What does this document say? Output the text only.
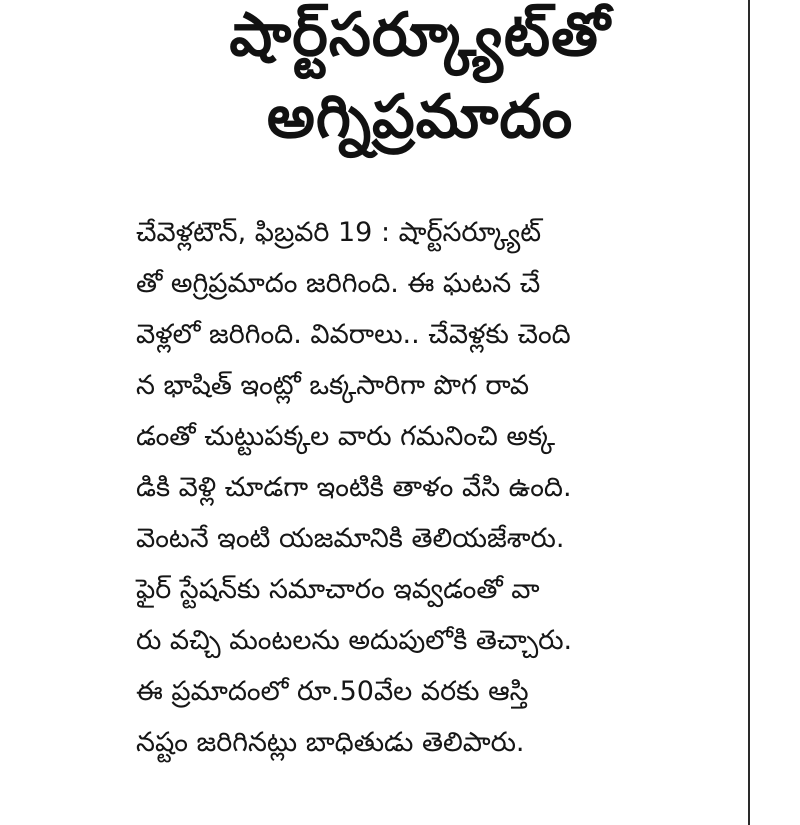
షార్ట్‌సర్క్యూట్‌తో
అగ్నిప్రమాదం
చేవెళ్లటౌన్, ఫిబ్రవరి 19 : షార్ట్‌సర్క్యూట్
తో అగ్రిప్రమాదం జరిగింది. ఈ ఘటన చే
వెళ్లలో జరిగింది. వివరాలు.. చేవెళ్లకు చెంది
న భాషిత్ ఇంట్లో ఒక్కసారిగా పొగ రావ
డంతో చుట్టుపక్కల వారు గమనించి అక్క
డికి వెళ్లి చూడగా ఇంటికి తాళం వేసి ఉంది.
వెంటనే ఇంటి యజమానికి తెలియజేశారు.
ఫైర్ స్టేషన్‌కు సమాచారం ఇవ్వడంతో వా
రు వచ్చి మంటలను అదుపులోకి తెచ్చారు.
ఈ ప్రమాదంలో రూ.50వేల వరకు ఆస్తి
నష్టం జరిగినట్లు బాధితుడు తెలిపారు.
